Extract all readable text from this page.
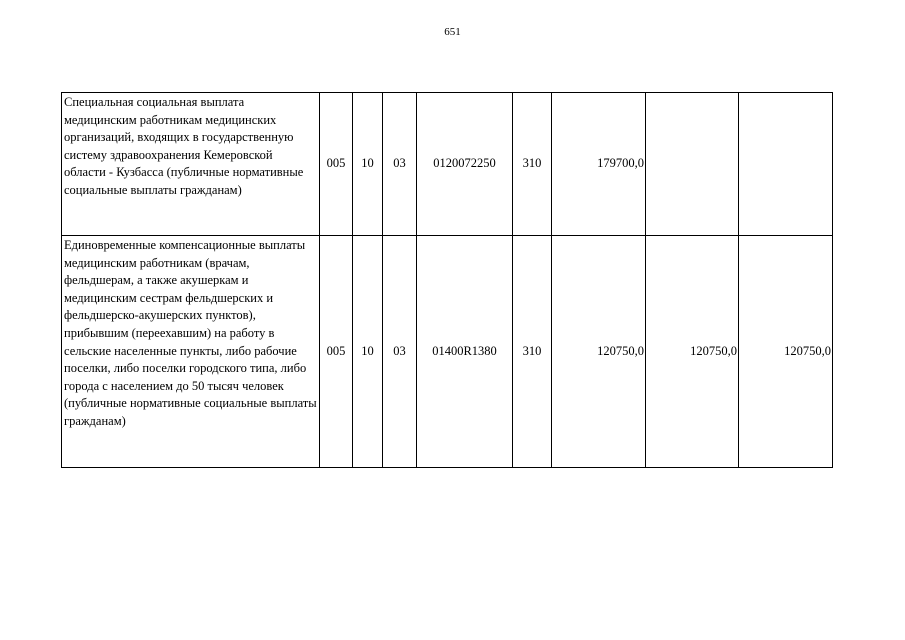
651
Специальная социальная выплата медицинским работникам медицинских организаций, входящих в государственную систему здравоохранения Кемеровской области - Кузбасса (публичные нормативные социальные выплаты гражданам)	005	10	03	0120072250	310	179700,0		
Единовременные компенсационные выплаты медицинским работникам (врачам, фельдшерам, а также акушеркам и медицинским сестрам фельдшерских и фельдшерско-акушерских пунктов), прибывшим (переехавшим) на работу в сельские населенные пункты, либо рабочие поселки, либо поселки городского типа, либо города с населением до 50 тысяч человек (публичные нормативные социальные выплаты гражданам)	005	10	03	01400R1380	310	120750,0	120750,0	120750,0
